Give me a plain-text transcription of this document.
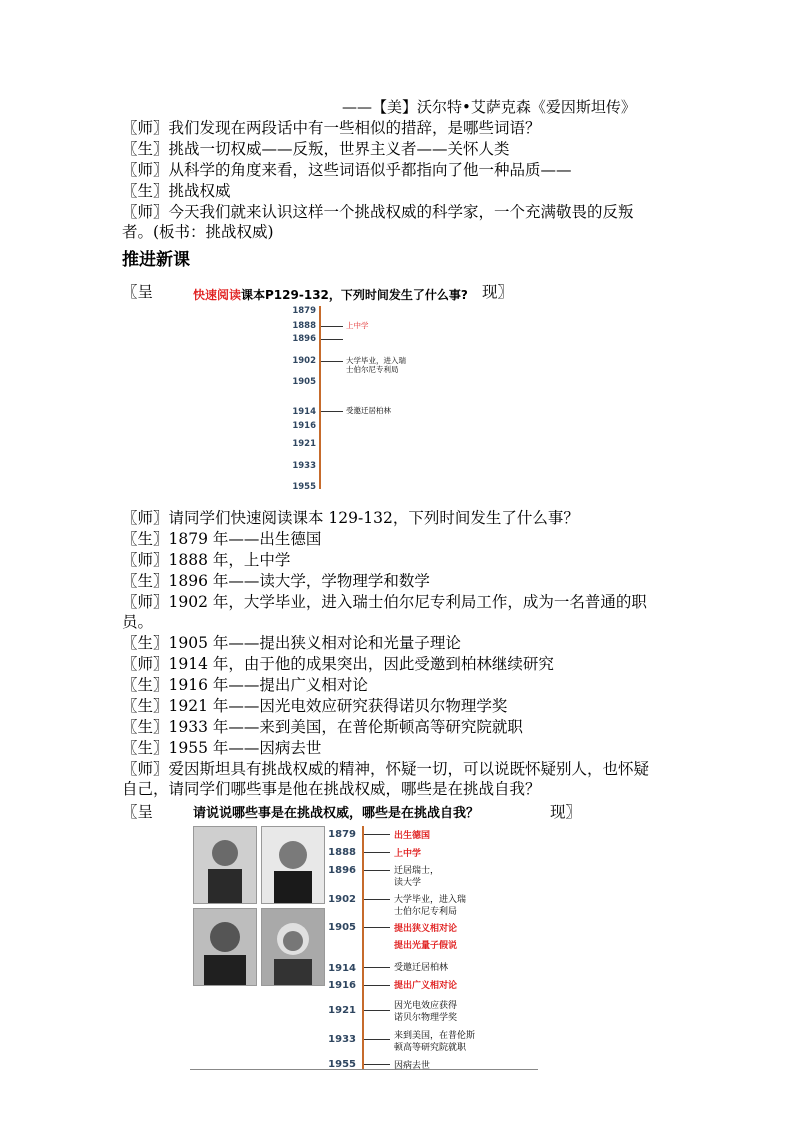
——【美】沃尔特•艾萨克森《爱因斯坦传》
〖师〗我们发现在两段话中有一些相似的措辞，是哪些词语？
〖生〗挑战一切权威——反叛，世界主义者——关怀人类
〖师〗从科学的角度来看，这些词语似乎都指向了他一种品质——
〖生〗挑战权威
〖师〗今天我们就来认识这样一个挑战权威的科学家，一个充满敬畏的反叛
者。(板书：挑战权威)
推进新课
〖呈	现〗
快速阅读课本P129-132，下列时间发生了什么事?
1879
1888
1896
1902
1905
1914
1916
1921
1933
1955
上中学
大学毕业，进入瑞
士伯尔尼专利局
受邀迁居柏林
〖师〗请同学们快速阅读课本 129-132，下列时间发生了什么事？
〖生〗1879 年——出生德国
〖师〗1888 年，上中学
〖生〗1896 年——读大学，学物理学和数学
〖师〗1902 年，大学毕业，进入瑞士伯尔尼专利局工作，成为一名普通的职
员。
〖生〗1905 年——提出狭义相对论和光量子理论
〖师〗1914 年，由于他的成果突出，因此受邀到柏林继续研究
〖生〗1916 年——提出广义相对论
〖生〗1921 年——因光电效应研究获得诺贝尔物理学奖
〖生〗1933 年——来到美国，在普伦斯顿高等研究院就职
〖生〗1955 年——因病去世
〖师〗爱因斯坦具有挑战权威的精神，怀疑一切，可以说既怀疑别人，也怀疑
自己，请同学们哪些事是他在挑战权威，哪些是在挑战自我？
〖呈	现〗
请说说哪些事是在挑战权威，哪些是在挑战自我？
1879
1888
1896
1902
1905
1914
1916
1921
1933
1955
出生德国
上中学
迁居瑞士，
读大学
大学毕业，进入瑞
士伯尔尼专利局
提出狭义相对论
提出光量子假说
受邀迁居柏林
提出广义相对论
因光电效应获得
诺贝尔物理学奖
来到美国，在普伦斯
顿高等研究院就职
因病去世
